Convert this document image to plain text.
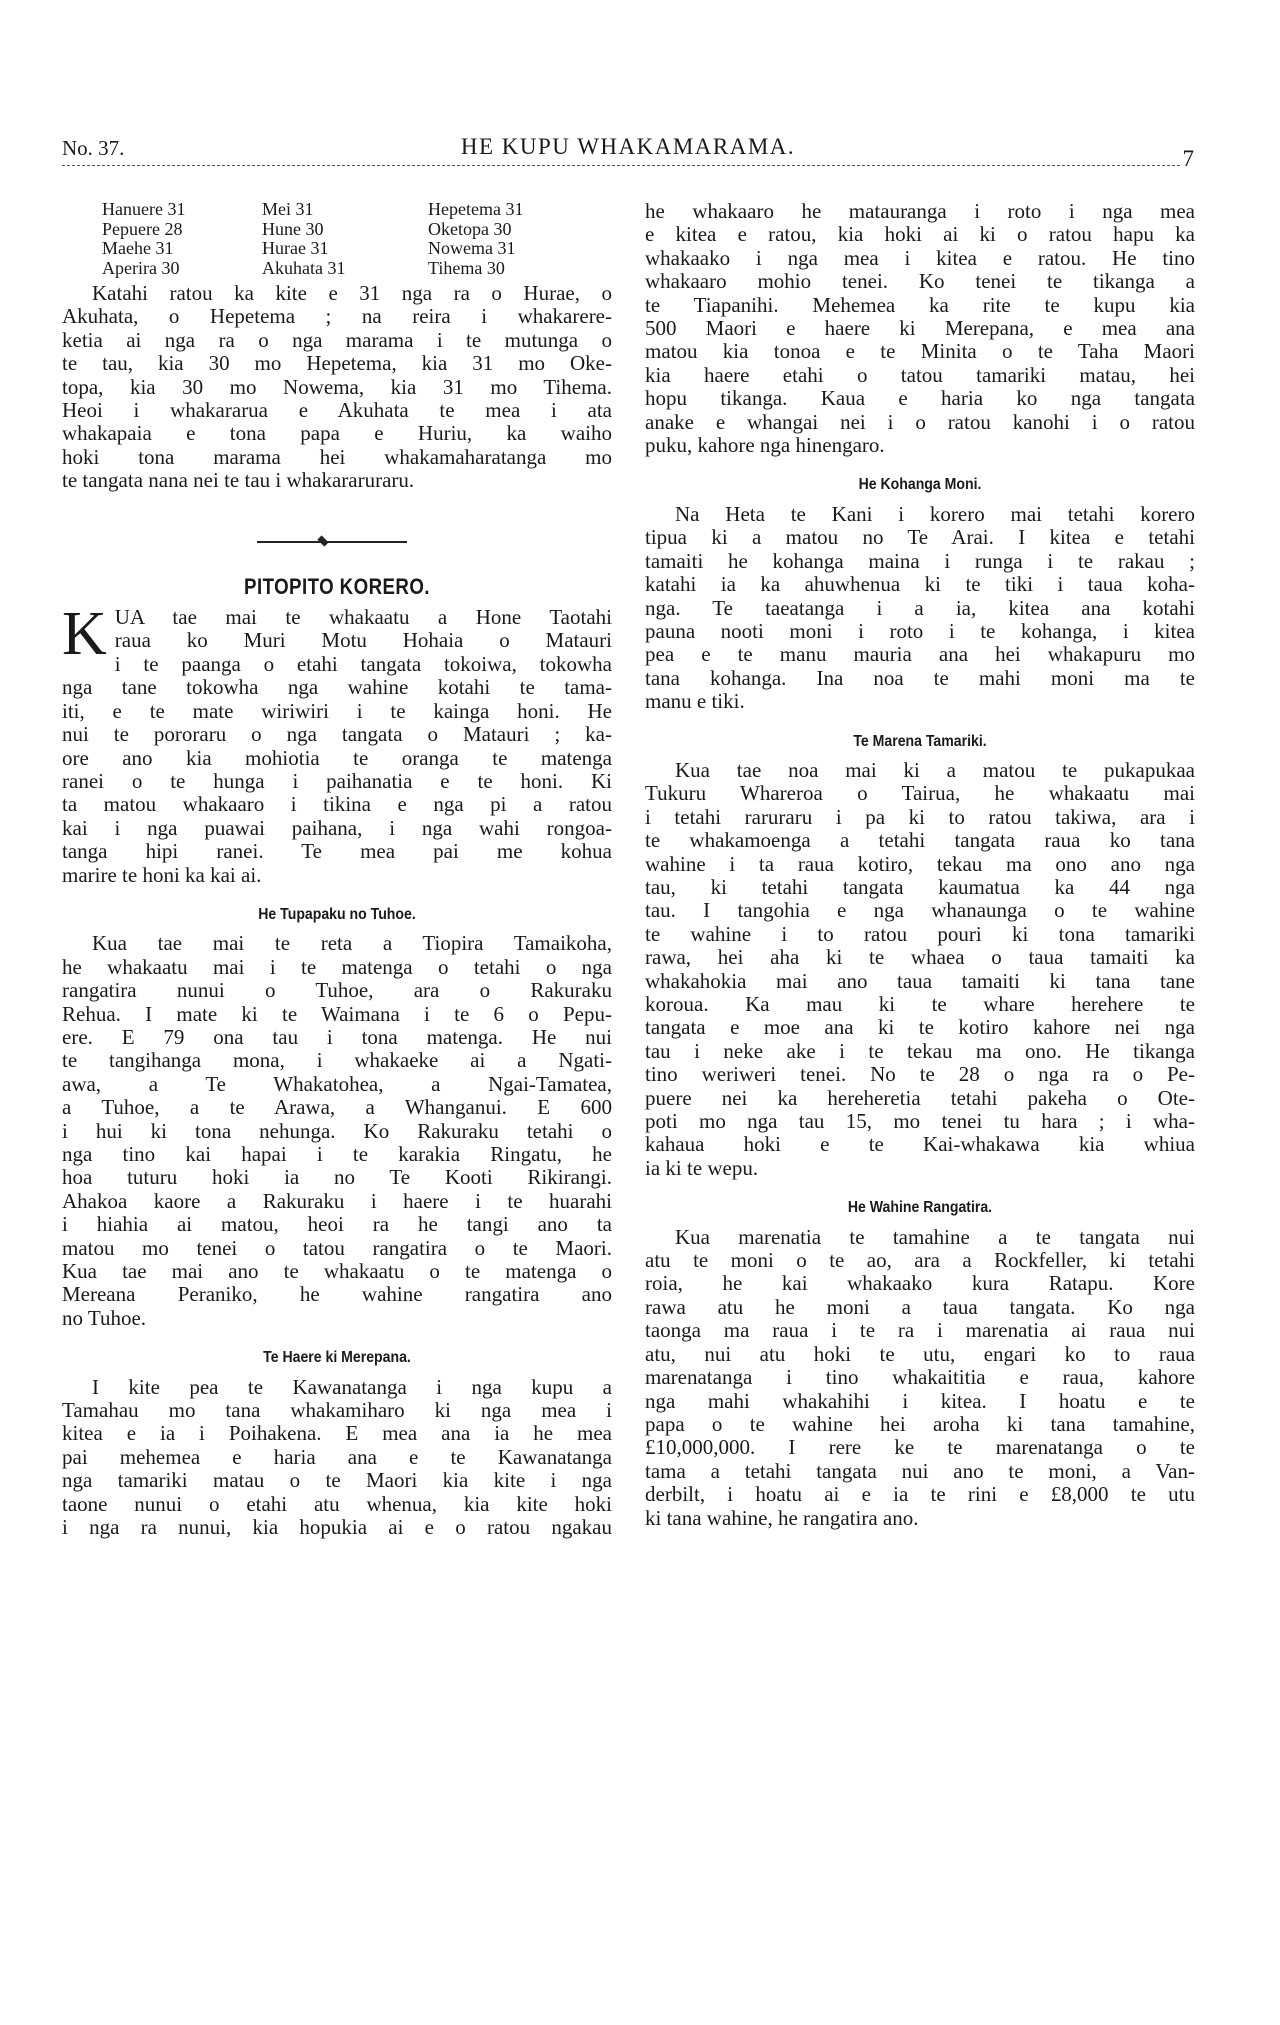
No. 37.	HE KUPU WHAKAMARAMA.	7
Hanuere 31	Mei 31	Hepetema 31
Pepuere 28	Hune 30	Oketopa 30
Maehe 31	Hurae 31	Nowema 31
Aperira 30	Akuhata 31	Tihema 30
Katahi ratou ka kite e 31 nga ra o Hurae, o
Akuhata, o Hepetema ; na reira i whakarere-
ketia ai nga ra o nga marama i te mutunga o
te tau, kia 30 mo Hepetema, kia 31 mo Oke-
topa, kia 30 mo Nowema, kia 31 mo Tihema.
Heoi i whakararua e Akuhata te mea i ata
whakapaia e tona papa e Huriu, ka waiho
hoki tona marama hei whakamaharatanga mo
te tangata nana nei te tau i whakararuraru.
PITOPITO KORERO.
K UA tae mai te whakaatu a Hone Taotahi
raua ko Muri Motu Hohaia o Matauri
i te paanga o etahi tangata tokoiwa, tokowha
nga tane tokowha nga wahine kotahi te tama-
iti, e te mate wiriwiri i te kainga honi. He
nui te pororaru o nga tangata o Matauri ; ka-
ore ano kia mohiotia te oranga te matenga
ranei o te hunga i paihanatia e te honi. Ki
ta matou whakaaro i tikina e nga pi a ratou
kai i nga puawai paihana, i nga wahi rongoa-
tanga hipi ranei. Te mea pai me kohua
marire te honi ka kai ai.
He Tupapaku no Tuhoe.
Kua tae mai te reta a Tiopira Tamaikoha,
he whakaatu mai i te matenga o tetahi o nga
rangatira nunui o Tuhoe, ara o Rakuraku
Rehua. I mate ki te Waimana i te 6 o Pepu-
ere. E 79 ona tau i tona matenga. He nui
te tangihanga mona, i whakaeke ai a Ngati-
awa, a Te Whakatohea, a Ngai-Tamatea,
a Tuhoe, a te Arawa, a Whanganui. E 600
i hui ki tona nehunga. Ko Rakuraku tetahi o
nga tino kai hapai i te karakia Ringatu, he
hoa tuturu hoki ia no Te Kooti Rikirangi.
Ahakoa kaore a Rakuraku i haere i te huarahi
i hiahia ai matou, heoi ra he tangi ano ta
matou mo tenei o tatou rangatira o te Maori.
Kua tae mai ano te whakaatu o te matenga o
Mereana Peraniko, he wahine rangatira ano
no Tuhoe.
Te Haere ki Merepana.
I kite pea te Kawanatanga i nga kupu a
Tamahau mo tana whakamiharo ki nga mea i
kitea e ia i Poihakena. E mea ana ia he mea
pai mehemea e haria ana e te Kawanatanga
nga tamariki matau o te Maori kia kite i nga
taone nunui o etahi atu whenua, kia kite hoki
i nga ra nunui, kia hopukia ai e o ratou ngakau
he whakaaro he matauranga i roto i nga mea
e kitea e ratou, kia hoki ai ki o ratou hapu ka
whakaako i nga mea i kitea e ratou. He tino
whakaaro mohio tenei. Ko tenei te tikanga a
te Tiapanihi. Mehemea ka rite te kupu kia
500 Maori e haere ki Merepana, e mea ana
matou kia tonoa e te Minita o te Taha Maori
kia haere etahi o tatou tamariki matau, hei
hopu tikanga. Kaua e haria ko nga tangata
anake e whangai nei i o ratou kanohi i o ratou
puku, kahore nga hinengaro.
He Kohanga Moni.
Na Heta te Kani i korero mai tetahi korero
tipua ki a matou no Te Arai. I kitea e tetahi
tamaiti he kohanga maina i runga i te rakau ;
katahi ia ka ahuwhenua ki te tiki i taua koha-
nga. Te taeatanga i a ia, kitea ana kotahi
pauna nooti moni i roto i te kohanga, i kitea
pea e te manu mauria ana hei whakapuru mo
tana kohanga. Ina noa te mahi moni ma te
manu e tiki.
Te Marena Tamariki.
Kua tae noa mai ki a matou te pukapukaa
Tukuru Whareroa o Tairua, he whakaatu mai
i tetahi raruraru i pa ki to ratou takiwa, ara i
te whakamoenga a tetahi tangata raua ko tana
wahine i ta raua kotiro, tekau ma ono ano nga
tau, ki tetahi tangata kaumatua ka 44 nga
tau. I tangohia e nga whanaunga o te wahine
te wahine i to ratou pouri ki tona tamariki
rawa, hei aha ki te whaea o taua tamaiti ka
whakahokia mai ano taua tamaiti ki tana tane
koroua. Ka mau ki te whare herehere te
tangata e moe ana ki te kotiro kahore nei nga
tau i neke ake i te tekau ma ono. He tikanga
tino weriweri tenei. No te 28 o nga ra o Pe-
puere nei ka hereheretia tetahi pakeha o Ote-
poti mo nga tau 15, mo tenei tu hara ; i wha-
kahaua hoki e te Kai-whakawa kia whiua
ia ki te wepu.
He Wahine Rangatira.
Kua marenatia te tamahine a te tangata nui
atu te moni o te ao, ara a Rockfeller, ki tetahi
roia, he kai whakaako kura Ratapu. Kore
rawa atu he moni a taua tangata. Ko nga
taonga ma raua i te ra i marenatia ai raua nui
atu, nui atu hoki te utu, engari ko to raua
marenatanga i tino whakaititia e raua, kahore
nga mahi whakahihi i kitea. I hoatu e te
papa o te wahine hei aroha ki tana tamahine,
£10,000,000. I rere ke te marenatanga o te
tama a tetahi tangata nui ano te moni, a Van-
derbilt, i hoatu ai e ia te rini e £8,000 te utu
ki tana wahine, he rangatira ano.
